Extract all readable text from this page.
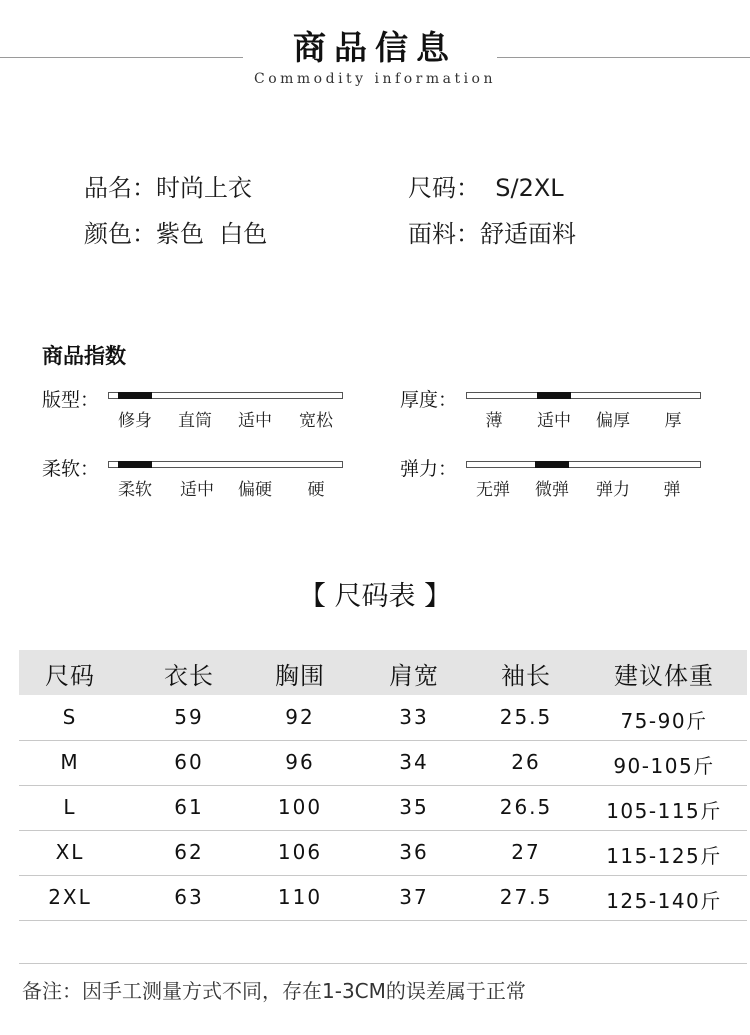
商品信息
Commodity information
品名：时尚上衣	尺码：  S/2XL
颜色：紫色  白色	面料：舒适面料
商品指数
版型：
修身 直筒 适中 宽松
厚度：
薄 适中 偏厚 厚
柔软：
柔软 适中 偏硬 硬
弹力：
无弹 微弹 弹力 弹
【 尺码表 】
尺码	衣长	胸围	肩宽	袖长	建议体重
S	59	92	33	25.5	75-90斤
M	60	96	34	26	90-105斤
L	61	100	35	26.5	105-115斤
XL	62	106	36	27	115-125斤
2XL	63	110	37	27.5	125-140斤
备注：因手工测量方式不同，存在1-3CM的误差属于正常
